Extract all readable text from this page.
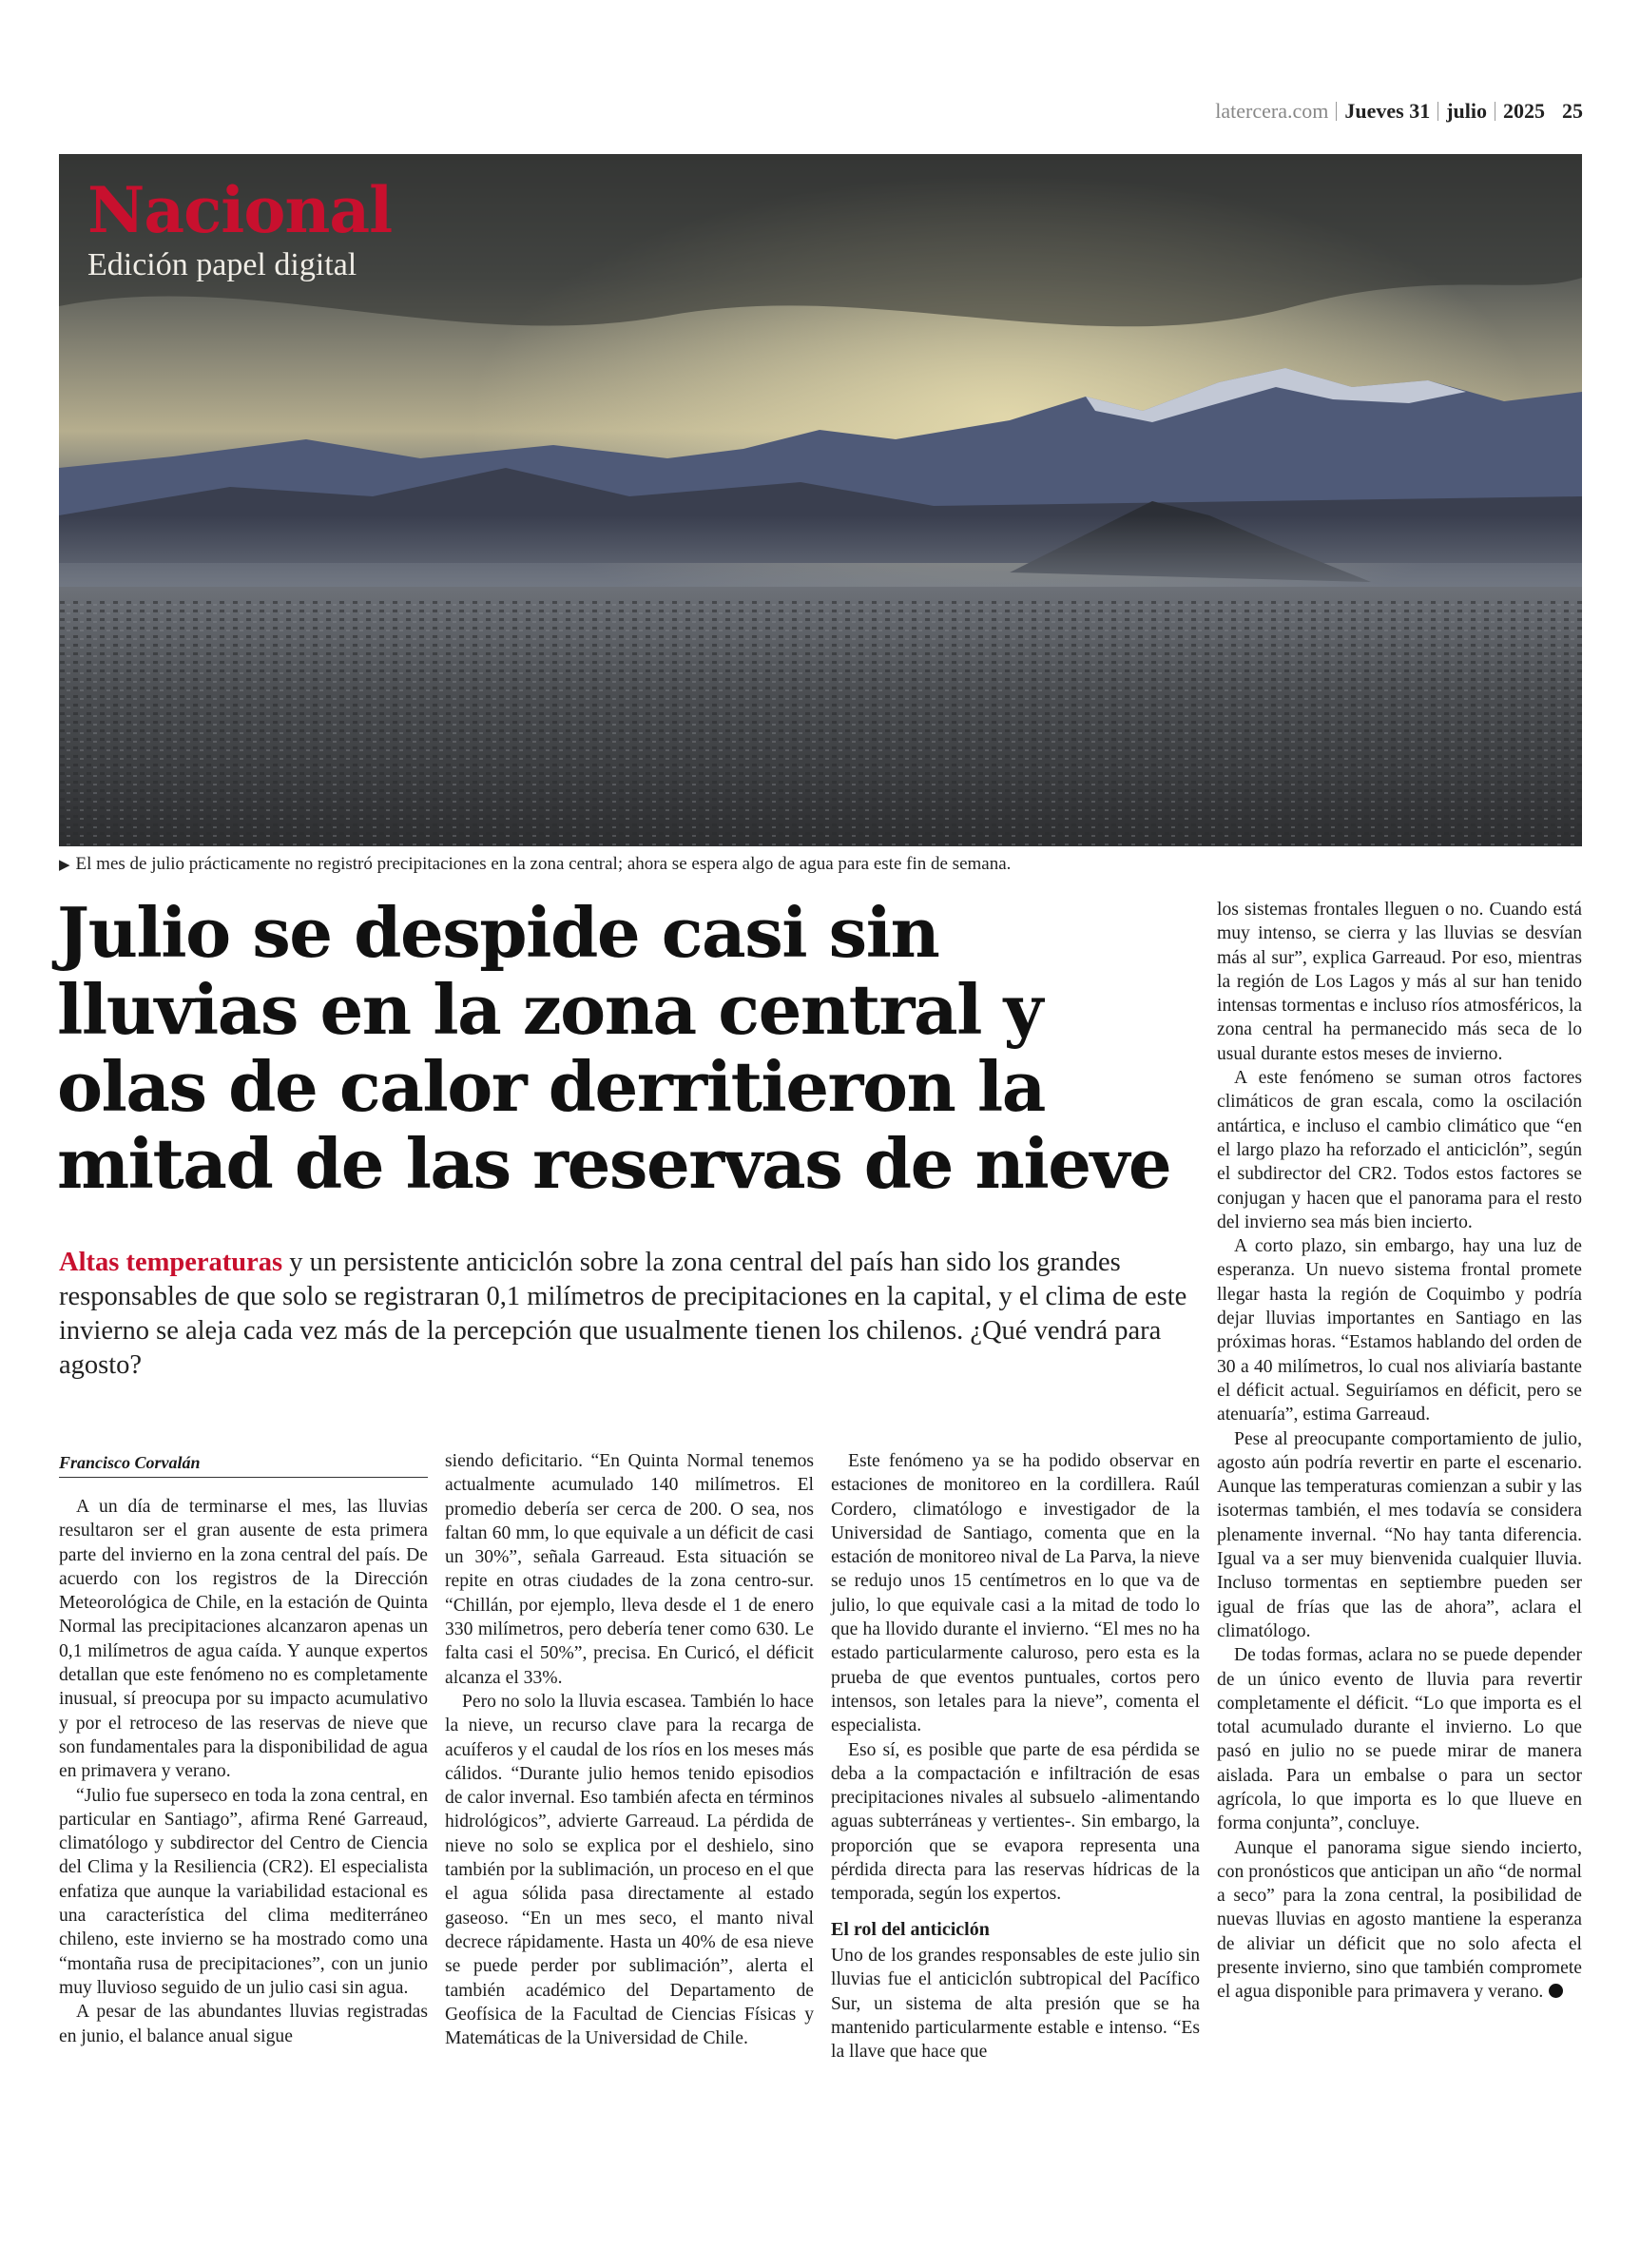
latercera.com Jueves 31 julio 2025 25
Nacional
Edición papel digital
▶ El mes de julio prácticamente no registró precipitaciones en la zona central; ahora se espera algo de agua para este fin de semana.
Julio se despide casi sin lluvias en la zona central y olas de calor derritieron la mitad de las reservas de nieve
Altas temperaturas y un persistente anticiclón sobre la zona central del país han sido los grandes responsables de que solo se registraran 0,1 milímetros de precipitaciones en la capital, y el clima de este invierno se aleja cada vez más de la percepción que usualmente tienen los chilenos. ¿Qué vendrá para agosto?
Francisco Corvalán

A un día de terminarse el mes, las lluvias resultaron ser el gran ausente de esta primera parte del invierno en la zona central del país. De acuerdo con los registros de la Dirección Meteorológica de Chile, en la estación de Quinta Normal las precipitaciones alcanzaron apenas un 0,1 milímetros de agua caída. Y aunque expertos detallan que este fenómeno no es completamente inusual, sí preocupa por su impacto acumulativo y por el retroceso de las reservas de nieve que son fundamentales para la disponibilidad de agua en primavera y verano.

“Julio fue superseco en toda la zona central, en particular en Santiago”, afirma René Garreaud, climatólogo y subdirector del Centro de Ciencia del Clima y la Resiliencia (CR2). El especialista enfatiza que aunque la variabilidad estacional es una característica del clima mediterráneo chileno, este invierno se ha mostrado como una “montaña rusa de precipitaciones”, con un junio muy lluvioso seguido de un julio casi sin agua.

A pesar de las abundantes lluvias registradas en junio, el balance anual sigue

siendo deficitario. “En Quinta Normal tenemos actualmente acumulado 140 milímetros. El promedio debería ser cerca de 200. O sea, nos faltan 60 mm, lo que equivale a un déficit de casi un 30%”, señala Garreaud. Esta situación se repite en otras ciudades de la zona centro-sur. “Chillán, por ejemplo, lleva desde el 1 de enero 330 milímetros, pero debería tener como 630. Le falta casi el 50%”, precisa. En Curicó, el déficit alcanza el 33%.

Pero no solo la lluvia escasea. También lo hace la nieve, un recurso clave para la recarga de acuíferos y el caudal de los ríos en los meses más cálidos. “Durante julio hemos tenido episodios de calor invernal. Eso también afecta en términos hidrológicos”, advierte Garreaud. La pérdida de nieve no solo se explica por el deshielo, sino también por la sublimación, un proceso en el que el agua sólida pasa directamente al estado gaseoso. “En un mes seco, el manto nival decrece rápidamente. Hasta un 40% de esa nieve se puede perder por sublimación”, alerta el también académico del Departamento de Geofísica de la Facultad de Ciencias Físicas y Matemáticas de la Universidad de Chile.

Este fenómeno ya se ha podido observar en estaciones de monitoreo en la cordillera. Raúl Cordero, climatólogo e investigador de la Universidad de Santiago, comenta que en la estación de monitoreo nival de La Parva, la nieve se redujo unos 15 centímetros en lo que va de julio, lo que equivale casi a la mitad de todo lo que ha llovido durante el invierno. “El mes no ha estado particularmente caluroso, pero esta es la prueba de que eventos puntuales, cortos pero intensos, son letales para la nieve”, comenta el especialista.

Eso sí, es posible que parte de esa pérdida se deba a la compactación e infiltración de esas precipitaciones nivales al subsuelo -alimentando aguas subterráneas y vertientes-. Sin embargo, la proporción que se evapora representa una pérdida directa para las reservas hídricas de la temporada, según los expertos.

El rol del anticiclón

Uno de los grandes responsables de este julio sin lluvias fue el anticiclón subtropical del Pacífico Sur, un sistema de alta presión que se ha mantenido particularmente estable e intenso. “Es la llave que hace que

los sistemas frontales lleguen o no. Cuando está muy intenso, se cierra y las lluvias se desvían más al sur”, explica Garreaud. Por eso, mientras la región de Los Lagos y más al sur han tenido intensas tormentas e incluso ríos atmosféricos, la zona central ha permanecido más seca de lo usual durante estos meses de invierno.

A este fenómeno se suman otros factores climáticos de gran escala, como la oscilación antártica, e incluso el cambio climático que “en el largo plazo ha reforzado el anticiclón”, según el subdirector del CR2. Todos estos factores se conjugan y hacen que el panorama para el resto del invierno sea más bien incierto.

A corto plazo, sin embargo, hay una luz de esperanza. Un nuevo sistema frontal promete llegar hasta la región de Coquimbo y podría dejar lluvias importantes en Santiago en las próximas horas. “Estamos hablando del orden de 30 a 40 milímetros, lo cual nos aliviaría bastante el déficit actual. Seguiríamos en déficit, pero se atenuaría”, estima Garreaud.

Pese al preocupante comportamiento de julio, agosto aún podría revertir en parte el escenario. Aunque las temperaturas comienzan a subir y las isotermas también, el mes todavía se considera plenamente invernal. “No hay tanta diferencia. Igual va a ser muy bienvenida cualquier lluvia. Incluso tormentas en septiembre pueden ser igual de frías que las de ahora”, aclara el climatólogo.

De todas formas, aclara no se puede depender de un único evento de lluvia para revertir completamente el déficit. “Lo que importa es el total acumulado durante el invierno. Lo que pasó en julio no se puede mirar de manera aislada. Para un embalse o para un sector agrícola, lo que importa es lo que llueve en forma conjunta”, concluye.

Aunque el panorama sigue siendo incierto, con pronósticos que anticipan un año “de normal a seco” para la zona central, la posibilidad de nuevas lluvias en agosto mantiene la esperanza de aliviar un déficit que no solo afecta el presente invierno, sino que también compromete el agua disponible para primavera y verano.
